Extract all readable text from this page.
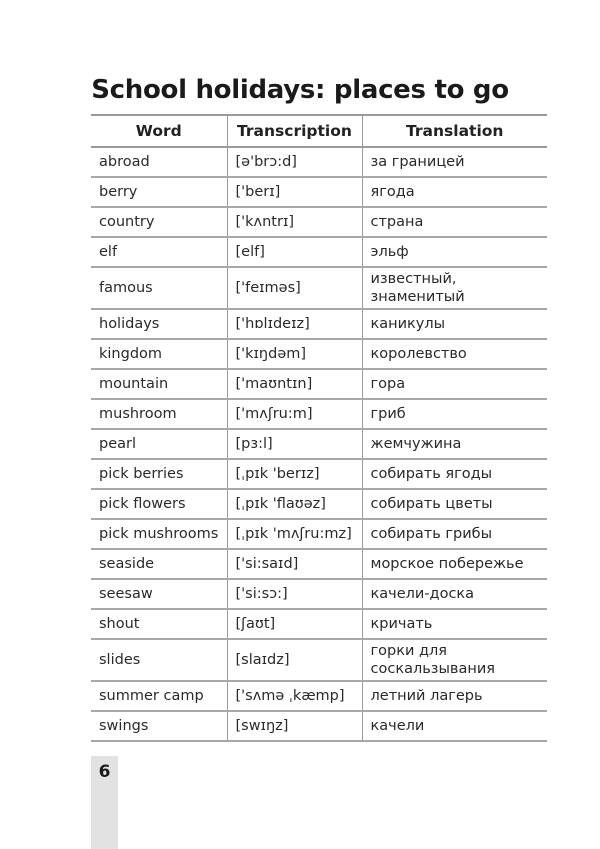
School holidays: places to go
Word	Transcription	Translation
abroad	[ə'brɔ:d]	за границей
berry	['berɪ]	ягода
country	['kʌntrɪ]	страна
elf	[elf]	эльф
famous	['feɪməs]	известный, знаменитый
holidays	['hɒlɪdeɪz]	каникулы
kingdom	['kɪŋdəm]	королевство
mountain	['maʊntɪn]	гора
mushroom	['mʌʃru:m]	гриб
pearl	[pɜ:l]	жемчужина
pick berries	[ˌpɪk 'berɪz]	собирать ягоды
pick flowers	[ˌpɪk 'flaʊəz]	собирать цветы
pick mushrooms	[ˌpɪk 'mʌʃru:mz]	собирать грибы
seaside	['si:saɪd]	морское побережье
seesaw	['si:sɔ:]	качели-доска
shout	[ʃaʊt]	кричать
slides	[slaɪdz]	горки для соскальзывания
summer camp	['sʌmə ˌkæmp]	летний лагерь
swings	[swɪŋz]	качели
6
